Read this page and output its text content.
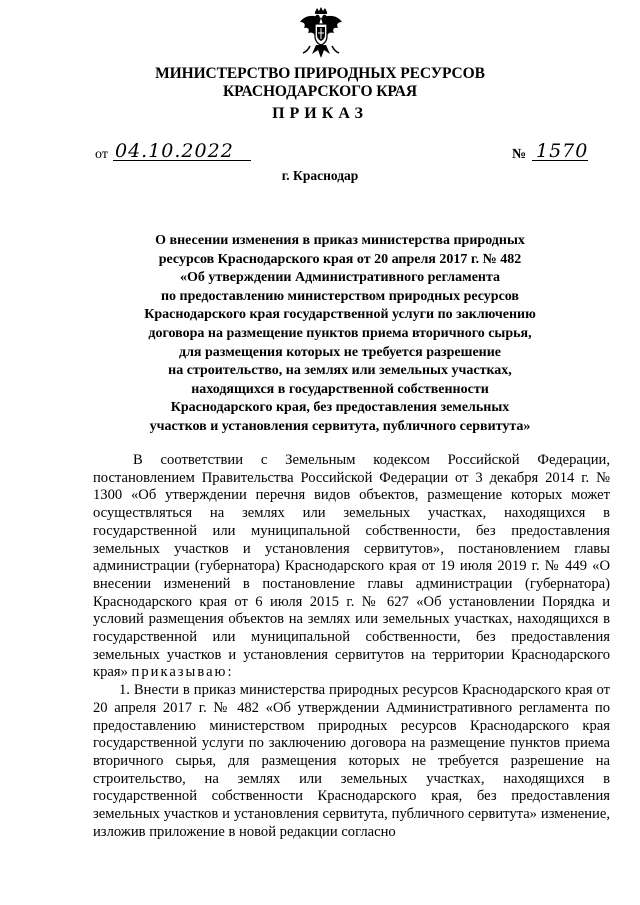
МИНИСТЕРСТВО ПРИРОДНЫХ РЕСУРСОВ
КРАСНОДАРСКОГО КРАЯ
ПРИКАЗ
от 04.10.2022	№ 1570
г. Краснодар
О внесении изменения в приказ министерства природных
ресурсов Краснодарского края от 20 апреля 2017 г. № 482
«Об утверждении Административного регламента
по предоставлению министерством природных ресурсов
Краснодарского края государственной услуги по заключению
договора на размещение пунктов приема вторичного сырья,
для размещения которых не требуется разрешение
на строительство, на землях или земельных участках,
находящихся в государственной собственности
Краснодарского края, без предоставления земельных
участков и установления сервитута, публичного сервитута»

В соответствии с Земельным кодексом Российской Федерации, постановлением Правительства Российской Федерации от 3 декабря 2014 г. № 1300 «Об утверждении перечня видов объектов, размещение которых может осуществляться на землях или земельных участках, находящихся в государственной или муниципальной собственности, без предоставления земельных участков и установления сервитутов», постановлением главы администрации (губернатора) Краснодарского края от 19 июля 2019 г. № 449 «О внесении изменений в постановление главы администрации (губернатора) Краснодарского края от 6 июля 2015 г. № 627 «Об установлении Порядка и условий размещения объектов на землях или земельных участках, находящихся в государственной или муниципальной собственности, без предоставления земельных участков и установления сервитутов на территории Краснодарского края» приказываю:

1. Внести в приказ министерства природных ресурсов Краснодарского края от 20 апреля 2017 г. № 482 «Об утверждении Административного регламента по предоставлению министерством природных ресурсов Краснодарского края государственной услуги по заключению договора на размещение пунктов приема вторичного сырья, для размещения которых не требуется разрешение на строительство, на землях или земельных участках, находящихся в государственной собственности Краснодарского края, без предоставления земельных участков и установления сервитута, публичного сервитута» изменение, изложив приложение в новой редакции согласно
